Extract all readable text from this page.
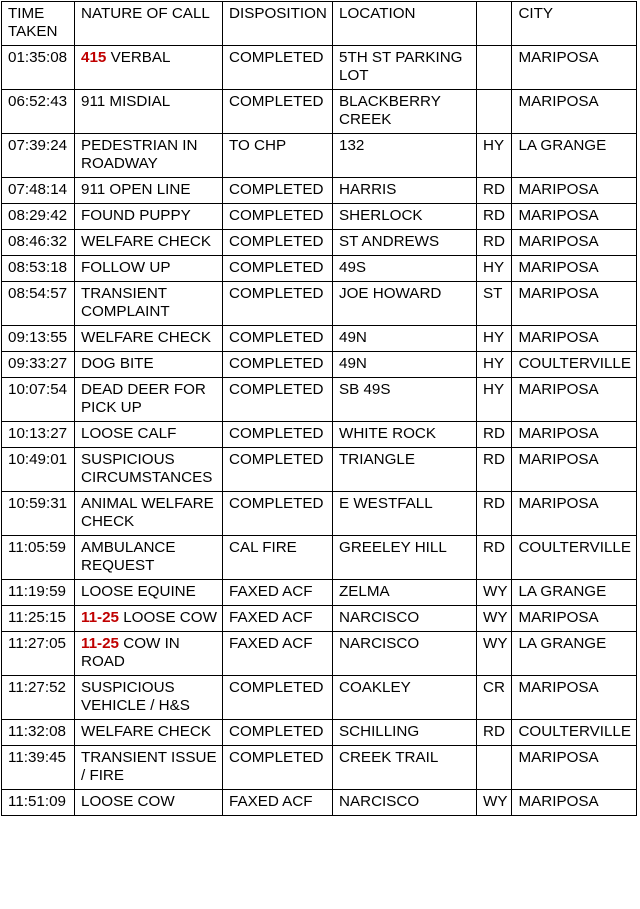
TIME TAKEN	NATURE OF CALL	DISPOSITION	LOCATION		CITY
01:35:08	415 VERBAL	COMPLETED	5TH ST PARKING LOT		MARIPOSA
06:52:43	911 MISDIAL	COMPLETED	BLACKBERRY CREEK		MARIPOSA
07:39:24	PEDESTRIAN IN ROADWAY	TO CHP	132	HY	LA GRANGE
07:48:14	911 OPEN LINE	COMPLETED	HARRIS	RD	MARIPOSA
08:29:42	FOUND PUPPY	COMPLETED	SHERLOCK	RD	MARIPOSA
08:46:32	WELFARE CHECK	COMPLETED	ST ANDREWS	RD	MARIPOSA
08:53:18	FOLLOW UP	COMPLETED	49S	HY	MARIPOSA
08:54:57	TRANSIENT COMPLAINT	COMPLETED	JOE HOWARD	ST	MARIPOSA
09:13:55	WELFARE CHECK	COMPLETED	49N	HY	MARIPOSA
09:33:27	DOG BITE	COMPLETED	49N	HY	COULTERVILLE
10:07:54	DEAD DEER FOR PICK UP	COMPLETED	SB 49S	HY	MARIPOSA
10:13:27	LOOSE CALF	COMPLETED	WHITE ROCK	RD	MARIPOSA
10:49:01	SUSPICIOUS CIRCUMSTANCES	COMPLETED	TRIANGLE	RD	MARIPOSA
10:59:31	ANIMAL WELFARE CHECK	COMPLETED	E WESTFALL	RD	MARIPOSA
11:05:59	AMBULANCE REQUEST	CAL FIRE	GREELEY HILL	RD	COULTERVILLE
11:19:59	LOOSE EQUINE	FAXED ACF	ZELMA	WY	LA GRANGE
11:25:15	11-25 LOOSE COW	FAXED ACF	NARCISCO	WY	MARIPOSA
11:27:05	11-25 COW IN ROAD	FAXED ACF	NARCISCO	WY	LA GRANGE
11:27:52	SUSPICIOUS VEHICLE / H&S	COMPLETED	COAKLEY	CR	MARIPOSA
11:32:08	WELFARE CHECK	COMPLETED	SCHILLING	RD	COULTERVILLE
11:39:45	TRANSIENT ISSUE / FIRE	COMPLETED	CREEK TRAIL		MARIPOSA
11:51:09	LOOSE COW	FAXED ACF	NARCISCO	WY	MARIPOSA
